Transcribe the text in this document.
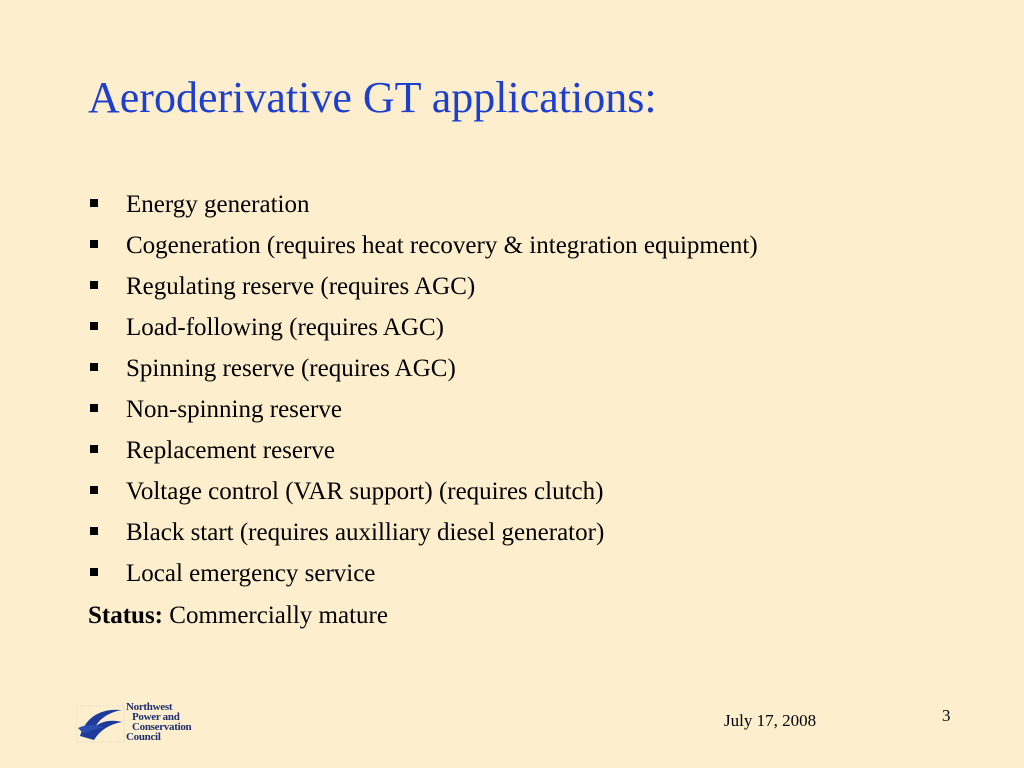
Aeroderivative GT applications:
Energy generation
Cogeneration (requires heat recovery & integration equipment)
Regulating reserve (requires AGC)
Load-following (requires AGC)
Spinning reserve (requires AGC)
Non-spinning reserve
Replacement reserve
Voltage control (VAR support) (requires clutch)
Black start (requires auxilliary diesel generator)
Local emergency service
Status: Commercially mature
Northwest
Power and
Conservation
Council
July 17, 2008	3
